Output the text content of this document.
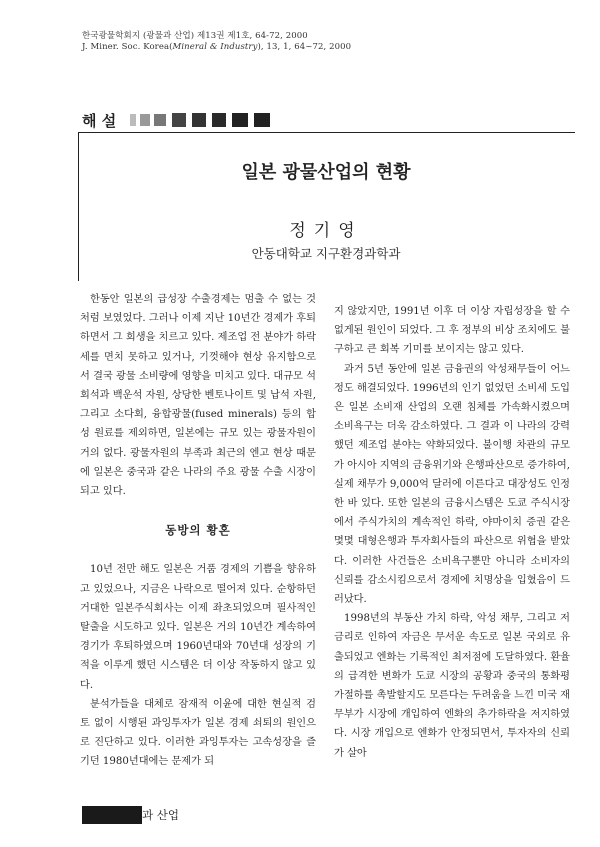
한국광물학회지 (광물과 산업) 제13권 제1호, 64-72, 2000
J. Miner. Soc. Korea(Mineral & Industry), 13, 1, 64~72, 2000
해 설
일본 광물산업의 현황
정기영
안동대학교 지구환경과학과

한동안 일본의 급성장 수출경제는 멈출 수 없는 것처럼 보였었다. 그러나 이제 지난 10년간 경제가 후퇴하면서 그 희생을 치르고 있다. 제조업 전 분야가 하락세를 면치 못하고 있거나, 기껏해야 현상 유지함으로서 결국 광물 소비량에 영향을 미치고 있다. 대규모 석회석과 백운석 자원, 상당한 벤토나이트 및 납석 자원, 그리고 소다회, 융합광물(fused minerals) 등의 합성 원료를 제외하면, 일본에는 규모 있는 광물자원이 거의 없다. 광물자원의 부족과 최근의 엔고 현상 때문에 일본은 중국과 같은 나라의 주요 광물 수출 시장이 되고 있다.

동방의 황혼

10년 전만 해도 일본은 거품 경제의 기쁨을 향유하고 있었으나, 지금은 나락으로 떨어져 있다. 순항하던 거대한 일본주식회사는 이제 좌초되었으며 필사적인 탈출을 시도하고 있다. 일본은 거의 10년간 계속하여 경기가 후퇴하였으며 1960년대와 70년대 성장의 기적을 이루게 했던 시스템은 더 이상 작동하지 않고 있다.

분석가들을 대체로 잠재적 이윤에 대한 현실적 검토 없이 시행된 과잉투자가 일본 경제 쇠퇴의 원인으로 진단하고 있다. 이러한 과잉투자는 고속성장을 즐기던 1980년대에는 문제가 되

지 않았지만, 1991년 이후 더 이상 자립성장을 할 수 없게된 원인이 되었다. 그 후 정부의 비상 조치에도 불구하고 큰 회복 기미를 보이지는 않고 있다.

과거 5년 동안에 일본 금융권의 악성채무들이 어느 정도 해결되었다. 1996년의 인기 없었던 소비세 도입은 일본 소비재 산업의 오랜 침체를 가속화시켰으며 소비욕구는 더욱 감소하였다. 그 결과 이 나라의 강력했던 제조업 분야는 약화되었다. 불이행 차관의 규모가 아시아 지역의 금융위기와 은행파산으로 증가하여, 실제 채무가 9,000억 달러에 이른다고 대장성도 인정한 바 있다. 또한 일본의 금융시스템은 도쿄 주식시장에서 주식가치의 계속적인 하락, 야마이치 증권 같은 몇몇 대형은행과 투자회사들의 파산으로 위협을 받았다. 이러한 사건들은 소비욕구뿐만 아니라 소비자의 신뢰를 감소시킴으로서 경제에 치명상을 입혔음이 드러났다.

1998년의 부동산 가치 하락, 악성 채무, 그리고 저금리로 인하여 자금은 무서운 속도로 일본 국외로 유출되었고 엔화는 기록적인 최저점에 도달하였다. 환율의 급격한 변화가 도쿄 시장의 공황과 중국의 통화평가절하를 촉발할지도 모른다는 두려움을 느낀 미국 재무부가 시장에 개입하여 엔화의 추가하락을 저지하였다. 시장 개입으로 엔화가 안정되면서, 투자자의 신뢰가 살아

과 산업
